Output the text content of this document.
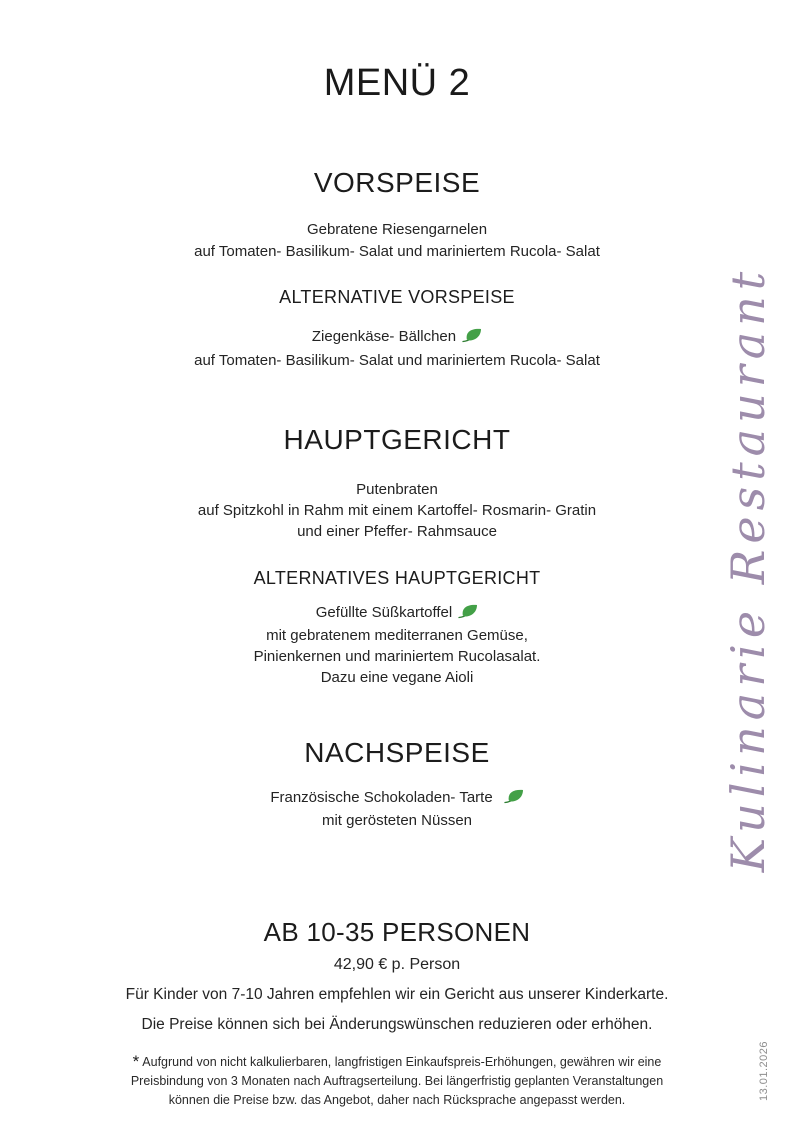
MENÜ 2
VORSPEISE
Gebratene Riesengarnelen
auf Tomaten- Basilikum- Salat und mariniertem Rucola- Salat
ALTERNATIVE VORSPEISE
Ziegenkäse- Bällchen
auf Tomaten- Basilikum- Salat und mariniertem Rucola- Salat
HAUPTGERICHT
Putenbraten
auf Spitzkohl in Rahm mit einem Kartoffel- Rosmarin- Gratin
und einer Pfeffer- Rahmsauce
ALTERNATIVES HAUPTGERICHT
Gefüllte Süßkartoffel
mit gebratenem mediterranen Gemüse,
Pinienkernen und mariniertem Rucolasalat.
Dazu eine vegane Aioli
NACHSPEISE
Französische Schokoladen- Tarte
mit gerösteten Nüssen
AB 10-35 PERSONEN
42,90 € p. Person
Für Kinder von 7-10 Jahren empfehlen wir ein Gericht aus unserer Kinderkarte.
Die Preise können sich bei Änderungswünschen reduzieren oder erhöhen.
* Aufgrund von nicht kalkulierbaren, langfristigen Einkaufspreis-Erhöhungen, gewähren wir eine
Preisbindung von 3 Monaten nach Auftragserteilung. Bei längerfristig geplanten Veranstaltungen
können die Preise bzw. das Angebot, daher nach Rücksprache angepasst werden.
Kulinarie Restaurant
13.01.2026
